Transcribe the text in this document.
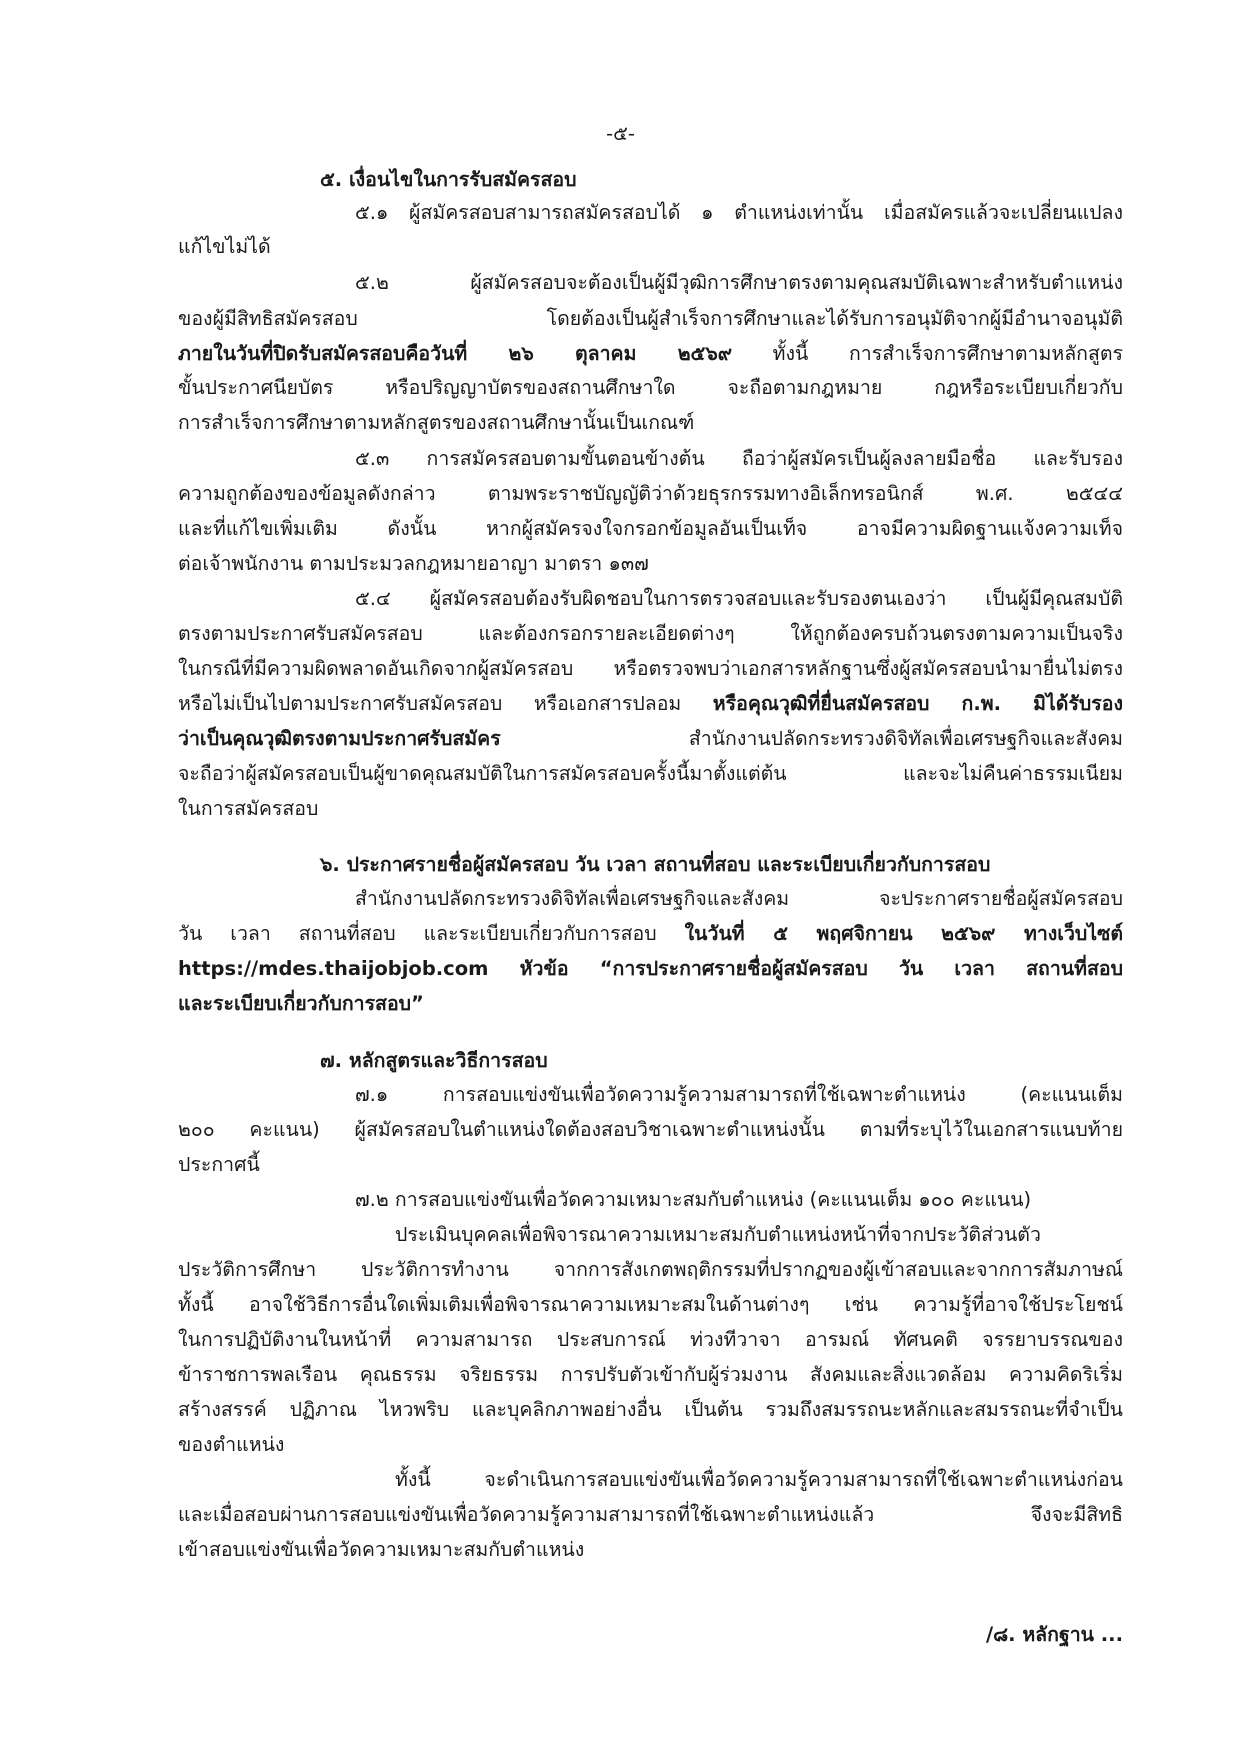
-๕-
๕. เงื่อนไขในการรับสมัครสอบ
๕.๑ ผู้สมัครสอบสามารถสมัครสอบได้ ๑ ตำแหน่งเท่านั้น เมื่อสมัครแล้วจะเปลี่ยนแปลง
แก้ไขไม่ได้
๕.๒ ผู้สมัครสอบจะต้องเป็นผู้มีวุฒิการศึกษาตรงตามคุณสมบัติเฉพาะสำหรับตำแหน่ง
ของผู้มีสิทธิสมัครสอบ โดยต้องเป็นผู้สำเร็จการศึกษาและได้รับการอนุมัติจากผู้มีอำนาจอนุมัติ
ภายในวันที่ปิดรับสมัครสอบคือวันที่ ๒๖ ตุลาคม ๒๕๖๙ ทั้งนี้ การสำเร็จการศึกษาตามหลักสูตร
ขั้นประกาศนียบัตร หรือปริญญาบัตรของสถานศึกษาใด จะถือตามกฎหมาย กฎหรือระเบียบเกี่ยวกับ
การสำเร็จการศึกษาตามหลักสูตรของสถานศึกษานั้นเป็นเกณฑ์
๕.๓ การสมัครสอบตามขั้นตอนข้างต้น ถือว่าผู้สมัครเป็นผู้ลงลายมือชื่อ และรับรอง
ความถูกต้องของข้อมูลดังกล่าว ตามพระราชบัญญัติว่าด้วยธุรกรรมทางอิเล็กทรอนิกส์ พ.ศ. ๒๕๔๔
และที่แก้ไขเพิ่มเติม ดังนั้น หากผู้สมัครจงใจกรอกข้อมูลอันเป็นเท็จ อาจมีความผิดฐานแจ้งความเท็จ
ต่อเจ้าพนักงาน ตามประมวลกฎหมายอาญา มาตรา ๑๓๗
๕.๔ ผู้สมัครสอบต้องรับผิดชอบในการตรวจสอบและรับรองตนเองว่า เป็นผู้มีคุณสมบัติ
ตรงตามประกาศรับสมัครสอบ และต้องกรอกรายละเอียดต่างๆ ให้ถูกต้องครบถ้วนตรงตามความเป็นจริง
ในกรณีที่มีความผิดพลาดอันเกิดจากผู้สมัครสอบ หรือตรวจพบว่าเอกสารหลักฐานซึ่งผู้สมัครสอบนำมายื่นไม่ตรง
หรือไม่เป็นไปตามประกาศรับสมัครสอบ หรือเอกสารปลอม หรือคุณวุฒิที่ยื่นสมัครสอบ ก.พ. มิได้รับรอง
ว่าเป็นคุณวุฒิตรงตามประกาศรับสมัคร สำนักงานปลัดกระทรวงดิจิทัลเพื่อเศรษฐกิจและสังคม
จะถือว่าผู้สมัครสอบเป็นผู้ขาดคุณสมบัติในการสมัครสอบครั้งนี้มาตั้งแต่ต้น และจะไม่คืนค่าธรรมเนียม
ในการสมัครสอบ
๖. ประกาศรายชื่อผู้สมัครสอบ วัน เวลา สถานที่สอบ และระเบียบเกี่ยวกับการสอบ
สำนักงานปลัดกระทรวงดิจิทัลเพื่อเศรษฐกิจและสังคม จะประกาศรายชื่อผู้สมัครสอบ
วัน เวลา สถานที่สอบ และระเบียบเกี่ยวกับการสอบ ในวันที่ ๕ พฤศจิกายน ๒๕๖๙ ทางเว็บไซต์
https://mdes.thaijobjob.com หัวข้อ “การประกาศรายชื่อผู้สมัครสอบ วัน เวลา สถานที่สอบ
และระเบียบเกี่ยวกับการสอบ”
๗. หลักสูตรและวิธีการสอบ
๗.๑ การสอบแข่งขันเพื่อวัดความรู้ความสามารถที่ใช้เฉพาะตำแหน่ง (คะแนนเต็ม
๒๐๐ คะแนน) ผู้สมัครสอบในตำแหน่งใดต้องสอบวิชาเฉพาะตำแหน่งนั้น ตามที่ระบุไว้ในเอกสารแนบท้าย
ประกาศนี้
๗.๒ การสอบแข่งขันเพื่อวัดความเหมาะสมกับตำแหน่ง (คะแนนเต็ม ๑๐๐ คะแนน)
ประเมินบุคคลเพื่อพิจารณาความเหมาะสมกับตำแหน่งหน้าที่จากประวัติส่วนตัว
ประวัติการศึกษา ประวัติการทำงาน จากการสังเกตพฤติกรรมที่ปรากฏของผู้เข้าสอบและจากการสัมภาษณ์
ทั้งนี้ อาจใช้วิธีการอื่นใดเพิ่มเติมเพื่อพิจารณาความเหมาะสมในด้านต่างๆ เช่น ความรู้ที่อาจใช้ประโยชน์
ในการปฏิบัติงานในหน้าที่ ความสามารถ ประสบการณ์ ท่วงทีวาจา อารมณ์ ทัศนคติ จรรยาบรรณของ
ข้าราชการพลเรือน คุณธรรม จริยธรรม การปรับตัวเข้ากับผู้ร่วมงาน สังคมและสิ่งแวดล้อม ความคิดริเริ่ม
สร้างสรรค์ ปฏิภาณ ไหวพริบ และบุคลิกภาพอย่างอื่น เป็นต้น รวมถึงสมรรถนะหลักและสมรรถนะที่จำเป็น
ของตำแหน่ง
ทั้งนี้ จะดำเนินการสอบแข่งขันเพื่อวัดความรู้ความสามารถที่ใช้เฉพาะตำแหน่งก่อน
และเมื่อสอบผ่านการสอบแข่งขันเพื่อวัดความรู้ความสามารถที่ใช้เฉพาะตำแหน่งแล้ว จึงจะมีสิทธิ
เข้าสอบแข่งขันเพื่อวัดความเหมาะสมกับตำแหน่ง
/๘. หลักฐาน ...
